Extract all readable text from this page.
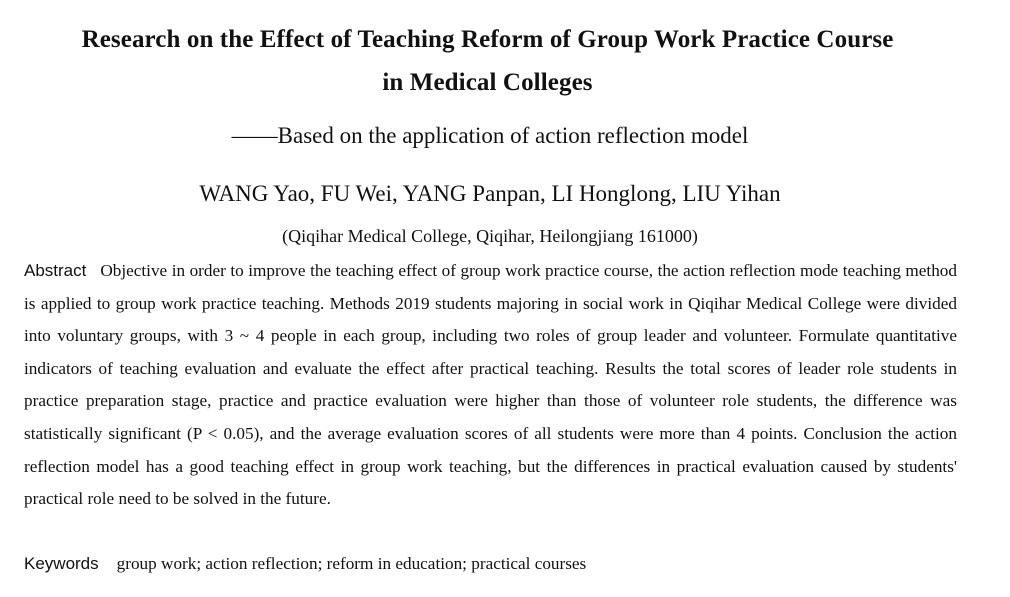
Research on the Effect of Teaching Reform of Group Work Practice Course
in Medical Colleges

——Based on the application of action reflection model

WANG Yao, FU Wei, YANG Panpan, LI Honglong, LIU Yihan

(Qiqihar Medical College, Qiqihar, Heilongjiang 161000)

Abstract Objective in order to improve the teaching effect of group work practice course, the action reflection mode teaching method is applied to group work practice teaching. Methods 2019 students majoring in social work in Qiqihar Medical College were divided into voluntary groups, with 3 ~ 4 people in each group, including two roles of group leader and volunteer. Formulate quantitative indicators of teaching evaluation and evaluate the effect after practical teaching. Results the total scores of leader role students in practice preparation stage, practice and practice evaluation were higher than those of volunteer role students, the difference was statistically significant (P < 0.05), and the average evaluation scores of all students were more than 4 points. Conclusion the action reflection model has a good teaching effect in group work teaching, but the differences in practical evaluation caused by students' practical role need to be solved in the future.

Keywords group work; action reflection; reform in education; practical courses
